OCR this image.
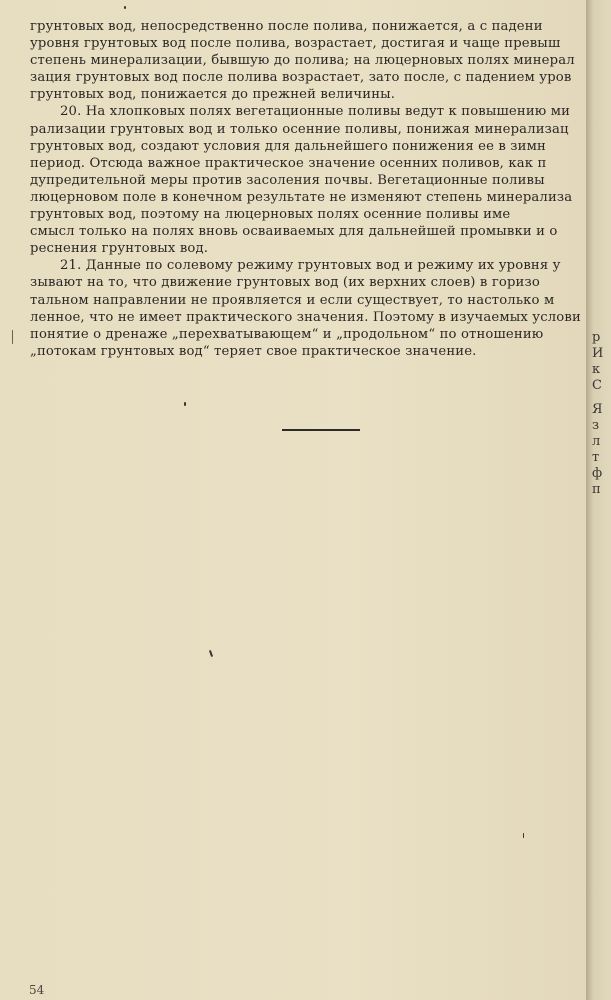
грунтовых вод, непосредственно после полива, понижается, а с падени
уровня грунтовых вод после полива, возрастает, достигая и чаще превыш
степень минерализации, бывшую до полива; на люцерновых полях минерал
зация грунтовых вод после полива возрастает, зато после, с падением уров
грунтовых вод, понижается до прежней величины.
20. На хлопковых полях вегетационные поливы ведут к повышению ми
рализации грунтовых вод и только осенние поливы, понижая минерализац
грунтовых вод, создают условия для дальнейшего понижения ее в зимн
период. Отсюда важное практическое значение осенних поливов, как п
дупредительной меры против засоления почвы. Вегетационные поливы
люцерновом поле в конечном результате не изменяют степень минерализа
грунтовых вод, поэтому на люцерновых полях осенние поливы име
смысл только на полях вновь осваиваемых для дальнейшей промывки и о
реснения грунтовых вод.
21. Данные по солевому режиму грунтовых вод и режиму их уровня у
зывают на то, что движение грунтовых вод (их верхних слоев) в горизо
тальном направлении не проявляется и если существует, то настолько м
ленное, что не имеет практического значения. Поэтому в изучаемых услови
понятие о дренаже „перехватывающем“ и „продольном“ по отношению
„потокам грунтовых вод“ теряет свое практическое значение.
54
р
И
к
С
Я
з
л
т
ф
п
